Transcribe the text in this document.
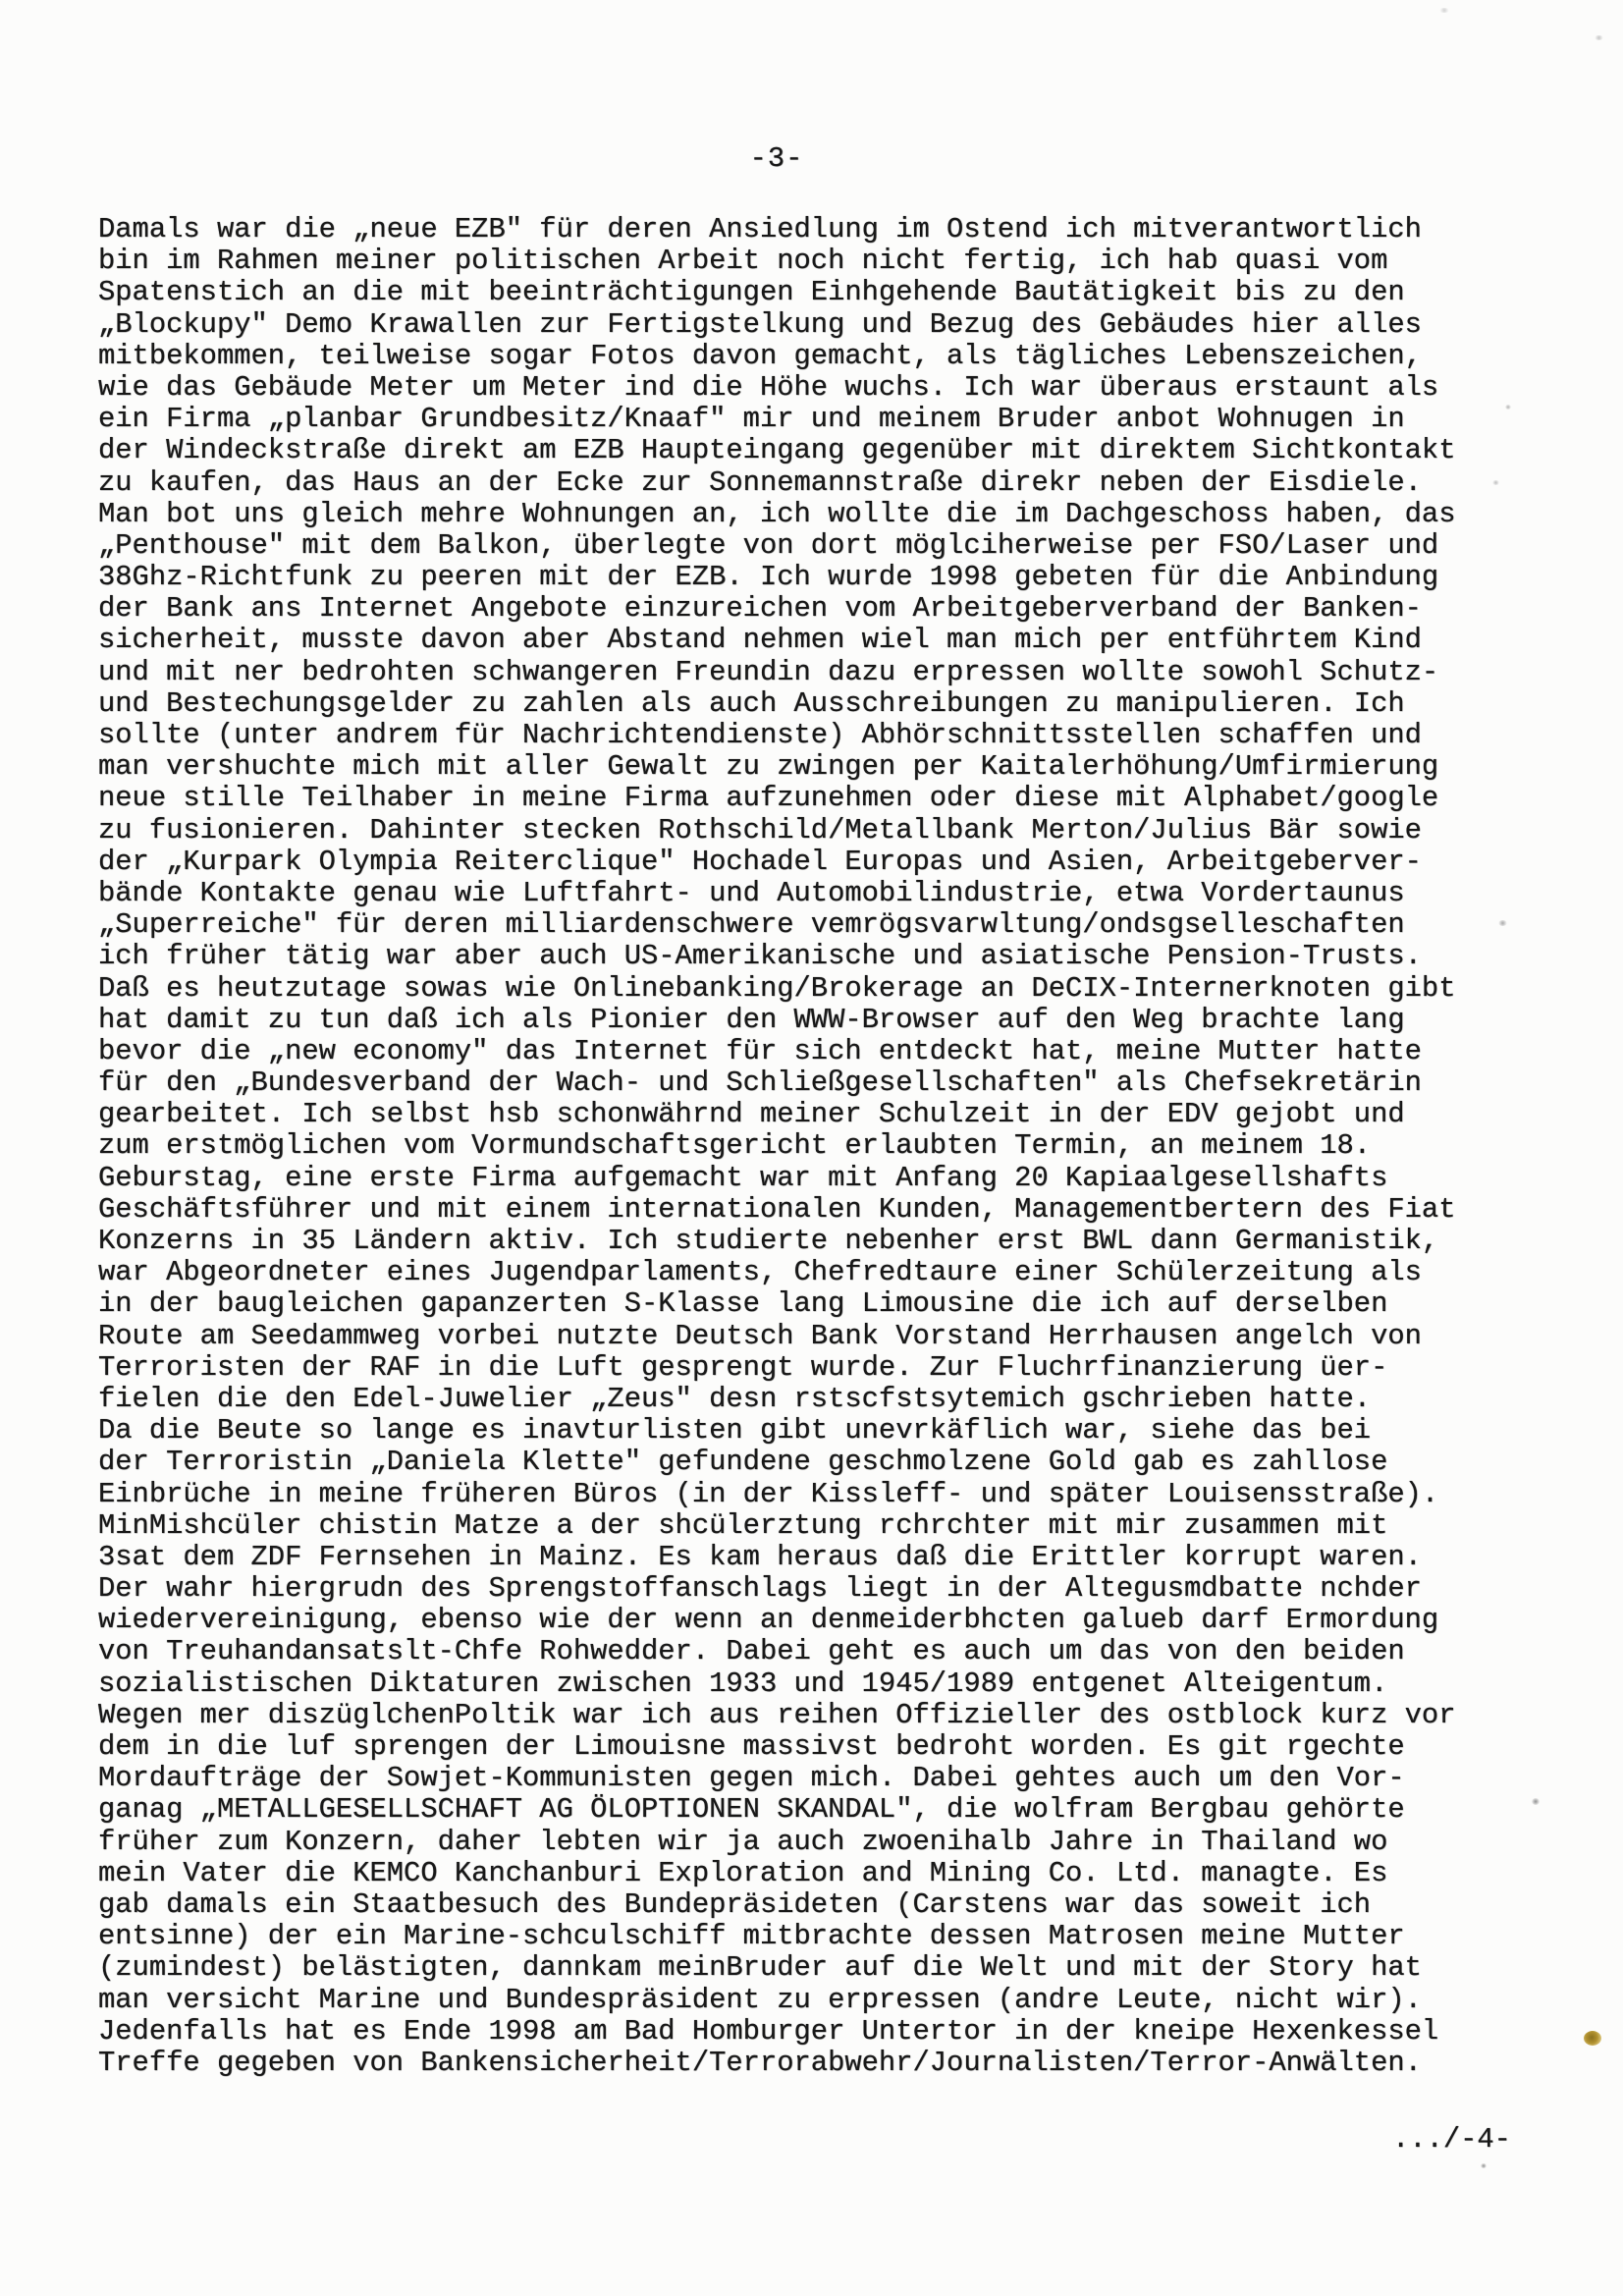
-3-
Damals war die „neue EZB" für deren Ansiedlung im Ostend ich mitverantwortlich
bin im Rahmen meiner politischen Arbeit noch nicht fertig, ich hab quasi vom
Spatenstich an die mit beeinträchtigungen Einhgehende Bautätigkeit bis zu den
„Blockupy" Demo Krawallen zur Fertigstelkung und Bezug des Gebäudes hier alles
mitbekommen, teilweise sogar Fotos davon gemacht, als tägliches Lebenszeichen,
wie das Gebäude Meter um Meter ind die Höhe wuchs. Ich war überaus erstaunt als
ein Firma „planbar Grundbesitz/Knaaf" mir und meinem Bruder anbot Wohnugen in
der Windeckstraße direkt am EZB Haupteingang gegenüber mit direktem Sichtkontakt
zu kaufen, das Haus an der Ecke zur Sonnemannstraße direkr neben der Eisdiele.
Man bot uns gleich mehre Wohnungen an, ich wollte die im Dachgeschoss haben, das
„Penthouse" mit dem Balkon, überlegte von dort möglciherweise per FSO/Laser und
38Ghz-Richtfunk zu peeren mit der EZB. Ich wurde 1998 gebeten für die Anbindung
der Bank ans Internet Angebote einzureichen vom Arbeitgeberverband der Banken-
sicherheit, musste davon aber Abstand nehmen wiel man mich per entführtem Kind
und mit ner bedrohten schwangeren Freundin dazu erpressen wollte sowohl Schutz-
und Bestechungsgelder zu zahlen als auch Ausschreibungen zu manipulieren. Ich
sollte (unter andrem für Nachrichtendienste) Abhörschnittsstellen schaffen und
man vershuchte mich mit aller Gewalt zu zwingen per Kaitalerhöhung/Umfirmierung
neue stille Teilhaber in meine Firma aufzunehmen oder diese mit Alphabet/google
zu fusionieren. Dahinter stecken Rothschild/Metallbank Merton/Julius Bär sowie
der „Kurpark Olympia Reiterclique" Hochadel Europas und Asien, Arbeitgeberver-
bände Kontakte genau wie Luftfahrt- und Automobilindustrie, etwa Vordertaunus
„Superreiche" für deren milliardenschwere vemrögsvarwltung/ondsgselleschaften
ich früher tätig war aber auch US-Amerikanische und asiatische Pension-Trusts.
Daß es heutzutage sowas wie Onlinebanking/Brokerage an DeCIX-Internerknoten gibt
hat damit zu tun daß ich als Pionier den WWW-Browser auf den Weg brachte lang
bevor die „new economy" das Internet für sich entdeckt hat, meine Mutter hatte
für den „Bundesverband der Wach- und Schließgesellschaften" als Chefsekretärin
gearbeitet. Ich selbst hsb schonwährnd meiner Schulzeit in der EDV gejobt und
zum erstmöglichen vom Vormundschaftsgericht erlaubten Termin, an meinem 18.
Geburstag, eine erste Firma aufgemacht war mit Anfang 20 Kapiaalgesellshafts
Geschäftsführer und mit einem internationalen Kunden, Managementbertern des Fiat
Konzerns in 35 Ländern aktiv. Ich studierte nebenher erst BWL dann Germanistik,
war Abgeordneter eines Jugendparlaments, Chefredtaure einer Schülerzeitung als
in der baugleichen gapanzerten S-Klasse lang Limousine die ich auf derselben
Route am Seedammweg vorbei nutzte Deutsch Bank Vorstand Herrhausen angelch von
Terroristen der RAF in die Luft gesprengt wurde. Zur Fluchrfinanzierung üer-
fielen die den Edel-Juwelier „Zeus" desn rstscfstsytemich gschrieben hatte.
Da die Beute so lange es inavturlisten gibt unevrkäflich war, siehe das bei
der Terroristin „Daniela Klette" gefundene geschmolzene Gold gab es zahllose
Einbrüche in meine früheren Büros (in der Kissleff- und später Louisensstraße).
MinMishcüler chistin Matze a der shcülerztung rchrchter mit mir zusammen mit
3sat dem ZDF Fernsehen in Mainz. Es kam heraus daß die Erittler korrupt waren.
Der wahr hiergrudn des Sprengstoffanschlags liegt in der Altegusmdbatte nchder
wiedervereinigung, ebenso wie der wenn an denmeiderbhcten galueb darf Ermordung
von Treuhandansatslt-Chfe Rohwedder. Dabei geht es auch um das von den beiden
sozialistischen Diktaturen zwischen 1933 und 1945/1989 entgenet Alteigentum.
Wegen mer diszüglchenPoltik war ich aus reihen Offizieller des ostblock kurz vor
dem in die luf sprengen der Limouisne massivst bedroht worden. Es git rgechte
Mordaufträge der Sowjet-Kommunisten gegen mich. Dabei gehtes auch um den Vor-
ganag „METALLGESELLSCHAFT AG ÖLOPTIONEN SKANDAL", die wolfram Bergbau gehörte
früher zum Konzern, daher lebten wir ja auch zwoenihalb Jahre in Thailand wo
mein Vater die KEMCO Kanchanburi Exploration and Mining Co. Ltd. managte. Es
gab damals ein Staatbesuch des Bundepräsideten (Carstens war das soweit ich
entsinne) der ein Marine-schculschiff mitbrachte dessen Matrosen meine Mutter
(zumindest) belästigten, dannkam meinBruder auf die Welt und mit der Story hat
man versicht Marine und Bundespräsident zu erpressen (andre Leute, nicht wir).
Jedenfalls hat es Ende 1998 am Bad Homburger Untertor in der kneipe Hexenkessel
Treffe gegeben von Bankensicherheit/Terrorabwehr/Journalisten/Terror-Anwälten.
.../-4-
